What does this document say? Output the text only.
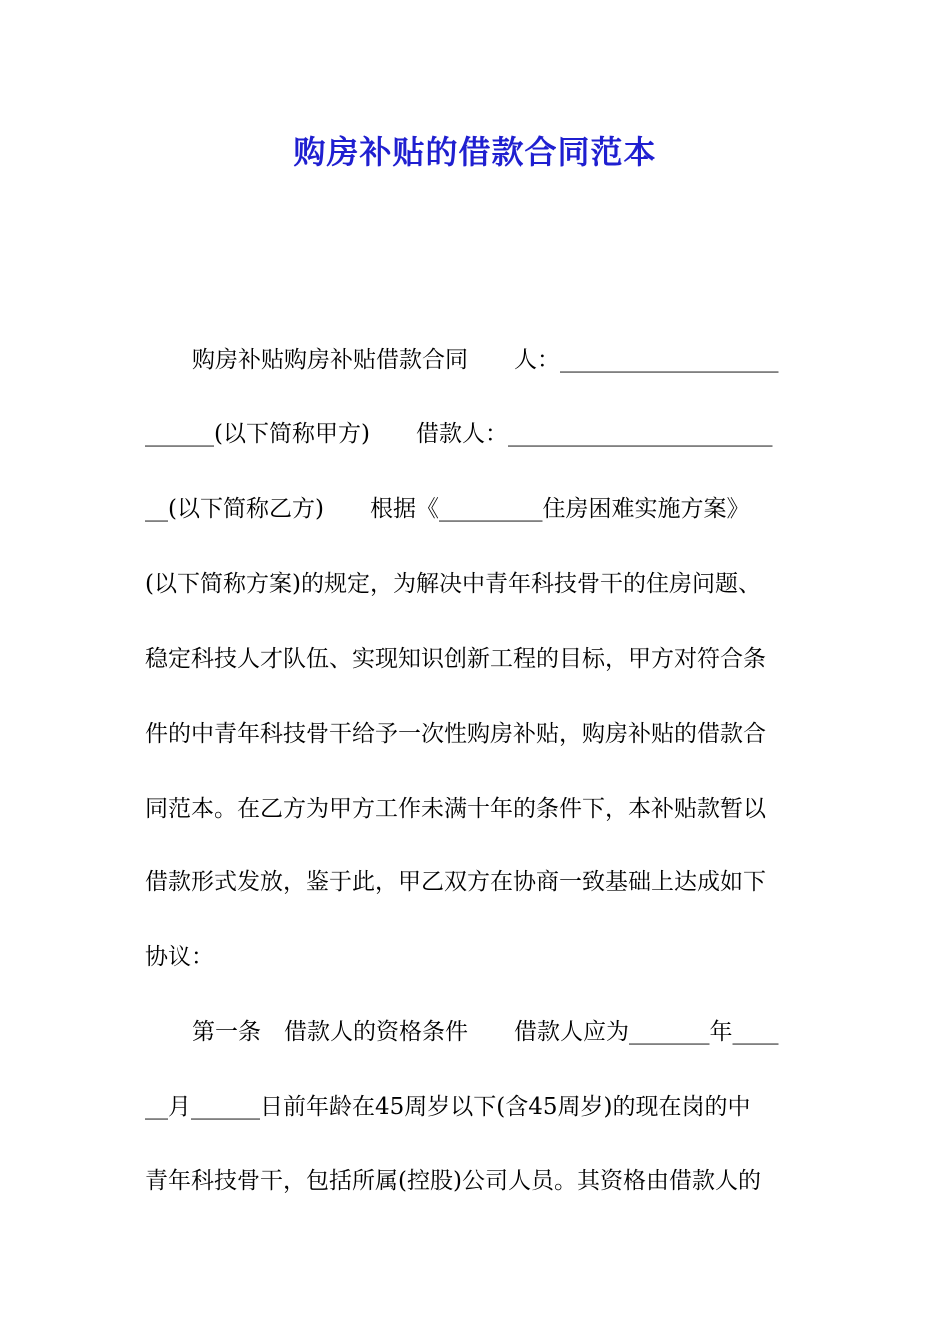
购房补贴的借款合同范本
购房补贴购房补贴借款合同　　人：___________________
______(以下简称甲方)　　借款人：_______________________
__(以下简称乙方)　　根据《_________住房困难实施方案》
(以下简称方案)的规定，为解决中青年科技骨干的住房问题、
稳定科技人才队伍、实现知识创新工程的目标，甲方对符合条
件的中青年科技骨干给予一次性购房补贴，购房补贴的借款合
同范本。在乙方为甲方工作未满十年的条件下，本补贴款暂以
借款形式发放，鉴于此，甲乙双方在协商一致基础上达成如下
协议：
第一条　借款人的资格条件　　借款人应为_______年____
__月______日前年龄在45周岁以下(含45周岁)的现在岗的中
青年科技骨干，包括所属(控股)公司人员。其资格由借款人的
